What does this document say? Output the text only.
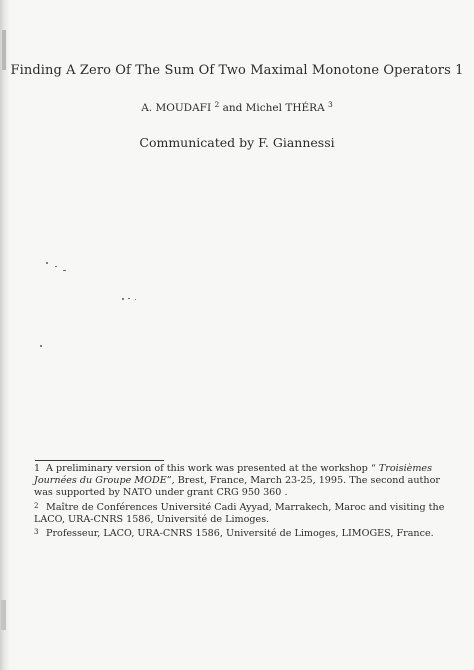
Finding A Zero Of The Sum Of Two Maximal Monotone Operators 1
A. MOUDAFI $^2$ and Michel THÉRA $^3$
Communicated by F. Giannessi
1 A preliminary version of this work was presented at the workshop “ Troisièmes
Journées du Groupe MODE”, Brest, France, March 23-25, 1995. The second author
was supported by NATO under grant CRG 950 360 .
2 Maître de Conférences Université Cadi Ayyad, Marrakech, Maroc and visiting the
LACO, URA-CNRS 1586, Université de Limoges.
3 Professeur, LACO, URA-CNRS 1586, Université de Limoges, LIMOGES, France.
